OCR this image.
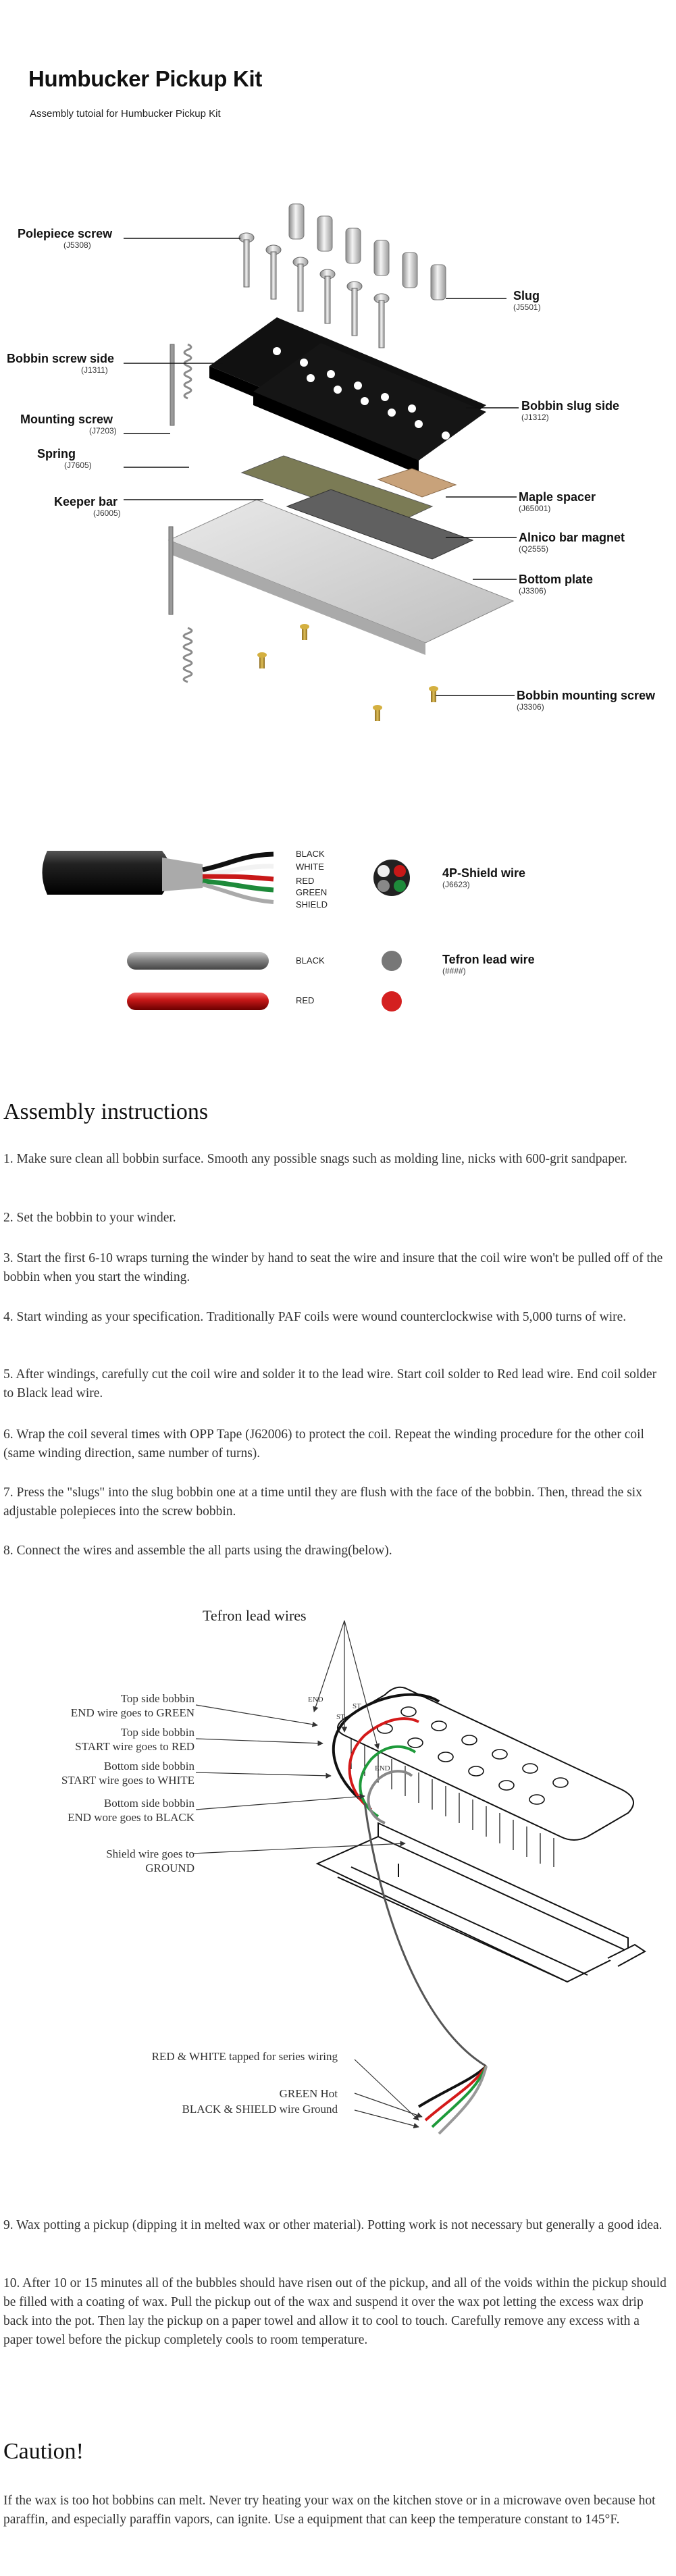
Humbucker Pickup Kit
Assembly tutoial for Humbucker Pickup Kit
Polepiece screw
(J5308)
Slug
(J5501)
Bobbin screw side
(J1311)
Bobbin slug side
(J1312)
Mounting screw
(J7203)
Spring
(J7605)
Keeper bar
(J6005)
Maple spacer
(J65001)
Alnico bar magnet
(Q2555)
Bottom plate
(J3306)
Bobbin mounting screw
(J3306)
BLACK
WHITE
RED
GREEN
SHIELD
4P-Shield wire
(J6623)
BLACK
RED
Tefron lead wire
(####)
Assembly instructions

1. Make sure clean all bobbin surface. Smooth any possible snags such as molding line, nicks with 600-grit sandpaper.

2. Set the bobbin to your winder.

3. Start the first 6-10 wraps turning the winder by hand to seat the wire and insure that the coil wire won't be pulled off of the bobbin when you start the winding.

4. Start winding as your specification. Traditionally PAF coils were wound counterclockwise with 5,000 turns of wire.

5. After windings, carefully cut the coil wire and solder it to the lead wire. Start coil solder to Red lead wire. End coil solder to Black lead wire.

6. Wrap the coil several times with OPP Tape (J62006) to protect the coil. Repeat the winding procedure for the other coil (same winding direction, same number of turns).

7. Press the "slugs" into the slug bobbin one at a time until they are flush with the face of the bobbin. Then, thread the six adjustable polepieces into the screw bobbin.

8. Connect the wires and assemble the all parts using the drawing(below).

END
ST
ST
END
Tefron lead wires
Top side bobbin
END wire goes to GREEN
Top side bobbin
START wire goes to RED
Bottom side bobbin
START wire goes to WHITE
Bottom side bobbin
END wore goes to BLACK
Shield wire goes to
GROUND
RED & WHITE tapped for series wiring
GREEN Hot
BLACK & SHIELD wire Ground

9. Wax potting a pickup (dipping it in melted wax or other material). Potting work is not necessary but generally a good idea.

10. After 10 or 15 minutes all of the bubbles should have risen out of the pickup, and all of the voids within the pickup should be filled with a coating of wax. Pull the pickup out of the wax and suspend it over the wax pot letting the excess wax drip back into the pot. Then lay the pickup on a paper towel and allow it to cool to touch. Carefully remove any excess with a paper towel before the pickup completely cools to room temperature.

Caution!

If the wax is too hot bobbins can melt. Never try heating your wax on the kitchen stove or in a microwave oven because hot paraffin, and especially paraffin vapors, can ignite. Use a equipment that can keep the temperature constant to 145°F.
